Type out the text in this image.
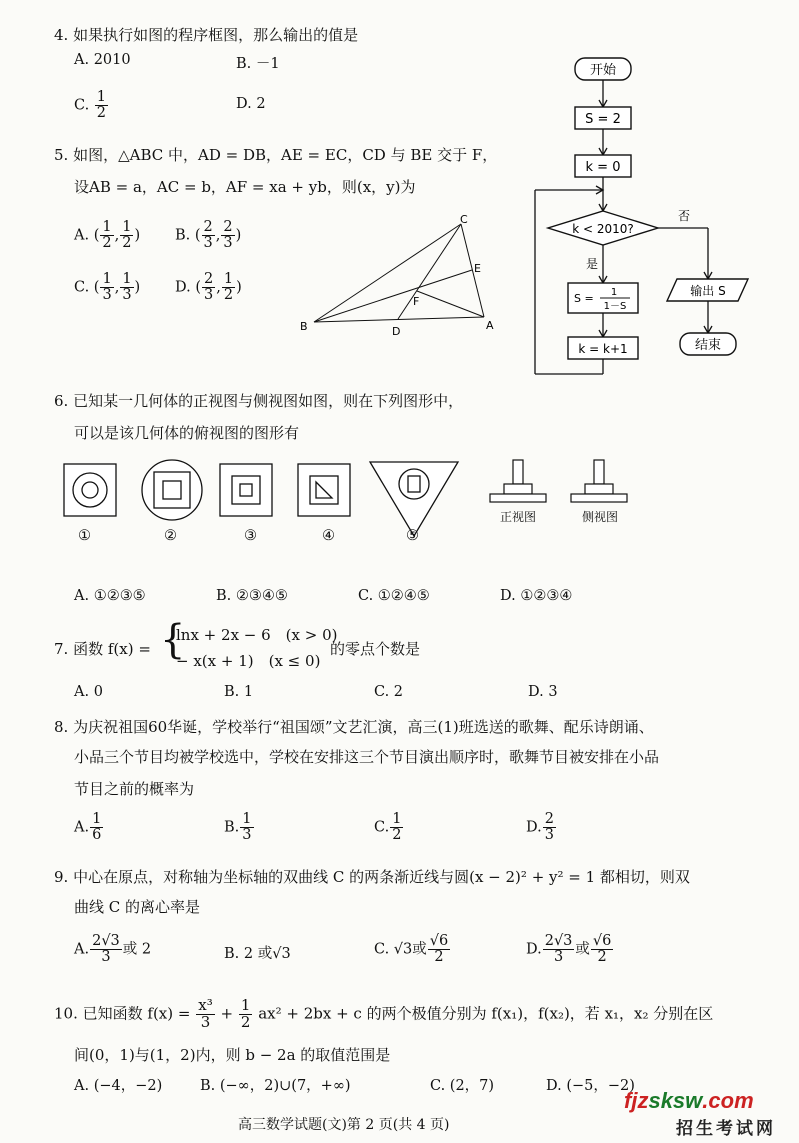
4. 如果执行如图的程序框图，那么输出的值是
A. 2010	B. －1
C. $\frac{1}{2}$	D. 2
开始
S = 2
k = 0
k < 2010?
否
输出 S
结束
是
S = 1
1－S
k = k+1
5. 如图，△ABC 中，AD = DB，AE = EC，CD 与 BE 交于 F，
设AB = a，AC = b，AF = xa + yb，则(x，y)为
A. ( $\frac{1}{2}$ , $\frac{1}{2}$ ) B. ( $\frac{2}{3}$ , $\frac{2}{3}$ )
C. ( $\frac{1}{3}$ , $\frac{1}{3}$ ) D. ( $\frac{2}{3}$ , $\frac{1}{2}$ )
B	A
C
D
E
F
6. 已知某一几何体的正视图与侧视图如图，则在下列图形中，
可以是该几何体的俯视图的图形有
①	②	③	④	⑤
正视图	侧视图
A. ①②③⑤	B. ②③④⑤	C. ①②④⑤	D. ①②③④
7. 函数 f(x) = {
lnx + 2x − 6　(x > 0)
− x(x + 1)　(x ≤ 0)
的零点个数是
A. 0	B. 1	C. 2	D. 3
8. 为庆祝祖国60华诞，学校举行“祖国颂”文艺汇演，高三(1)班选送的歌舞、配乐诗朗诵、
小品三个节目均被学校选中，学校在安排这三个节目演出顺序时，歌舞节目被安排在小品
节目之前的概率为
A. $\frac{1}{6}$	B. $\frac{1}{3}$	C. $\frac{1}{2}$	D. $\frac{2}{3}$
9. 中心在原点，对称轴为坐标轴的双曲线 C 的两条渐近线与圆(x − 2)² + y² = 1 都相切，则双
曲线 C 的离心率是
A. $\frac{2√3}{3}$ 或 2	B. 2 或√3	C. √3或 $\frac{√6}{2}$	D. $\frac{2√3}{3}$ 或 $\frac{√6}{2}$
10. 已知函数 $f(x) = \frac{\text{x³}}{3} + \frac{1}{2} ax^2 + 2bx + c$ 的两个极值分别为 f(x₁)，f(x₂)，若 x₁，x₂ 分别在区
间(0，1)与(1，2)内，则 b − 2a 的取值范围是
A. (−4，−2)	B. (−∞，2)∪(7，+∞)	C. (2，7)	D. (−5，−2)
高三数学试题(文)第 2 页(共 4 页)
fjzsksw.com
招生考试网
